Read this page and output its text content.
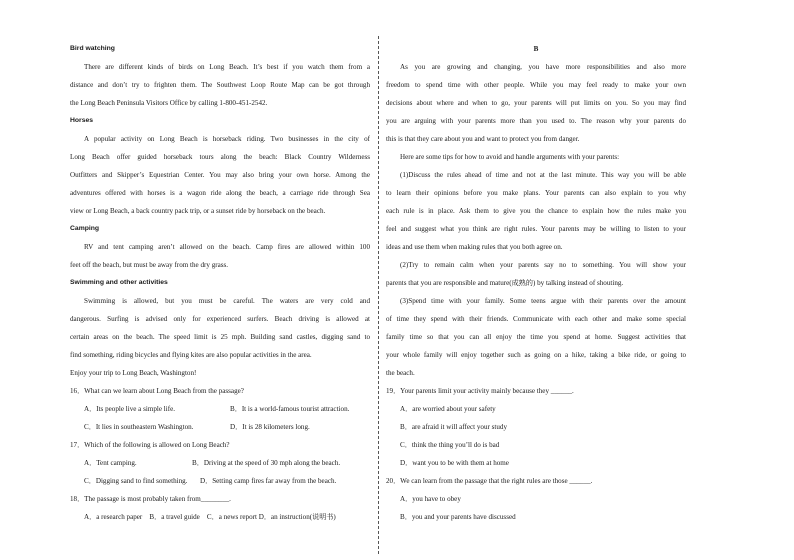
Bird watching
There are different kinds of birds on Long Beach. It’s best if you watch them from a
distance and don’t try to frighten them. The Southwest Loop Route Map can be got through
the Long Beach Peninsula Visitors Office by calling 1-800-451-2542.
Horses
A popular activity on Long Beach is horseback riding. Two businesses in the city of
Long Beach offer guided horseback tours along the beach: Black Country Wilderness
Outfitters and Skipper’s Equestrian Center. You may also bring your own horse. Among the
adventures offered with horses is a wagon ride along the beach, a carriage ride through Sea
view or Long Beach, a back country pack trip, or a sunset ride by horseback on the beach.
Camping
RV and tent camping aren’t allowed on the beach. Camp fires are allowed within 100
feet off the beach, but must be away from the dry grass.
Swimming and other activities
Swimming is allowed, but you must be careful. The waters are very cold and
dangerous. Surfing is advised only for experienced surfers. Beach driving is allowed at
certain areas on the beach. The speed limit is 25 mph. Building sand castles, digging sand to
find something, riding bicycles and flying kites are also popular activities in the area.
Enjoy your trip to Long Beach, Washington!
16．What can we learn about Long Beach from the passage?
A．Its people live a simple life.	B．It is a world-famous tourist attraction.
C．It lies in southeastern Washington.	D．It is 28 kilometers long.
17．Which of the following is allowed on Long Beach?
A．Tent camping.	B．Driving at the speed of 30 mph along the beach.
C．Digging sand to find something. D．Setting camp fires far away from the beach.
18．The passage is most probably taken from________.
A．a research paper　B．a travel guide　C．a news report D．an instruction(说明书)
B
As you are growing and changing, you have more responsibilities and also more
freedom to spend time with other people. While you may feel ready to make your own
decisions about where and when to go, your parents will put limits on you. So you may find
you are arguing with your parents more than you used to. The reason why your parents do
this is that they care about you and want to protect you from danger.
Here are some tips for how to avoid and handle arguments with your parents:
(1)Discuss the rules ahead of time and not at the last minute. This way you will be able
to learn their opinions before you make plans. Your parents can also explain to you why
each rule is in place. Ask them to give you the chance to explain how the rules make you
feel and suggest what you think are right rules. Your parents may be willing to listen to your
ideas and use them when making rules that you both agree on.
(2)Try to remain calm when your parents say no to something. You will show your
parents that you are responsible and mature(成熟的) by talking instead of shouting.
(3)Spend time with your family. Some teens argue with their parents over the amount
of time they spend with their friends. Communicate with each other and make some special
family time so that you can all enjoy the time you spend at home. Suggest activities that
your whole family will enjoy together such as going on a hike, taking a bike ride, or going to
the beach.
19．Your parents limit your activity mainly because they ______.
A．are worried about your safety
B．are afraid it will affect your study
C．think the thing you’ll do is bad
D．want you to be with them at home
20．We can learn from the passage that the right rules are those ______.
A．you have to obey
B．you and your parents have discussed
